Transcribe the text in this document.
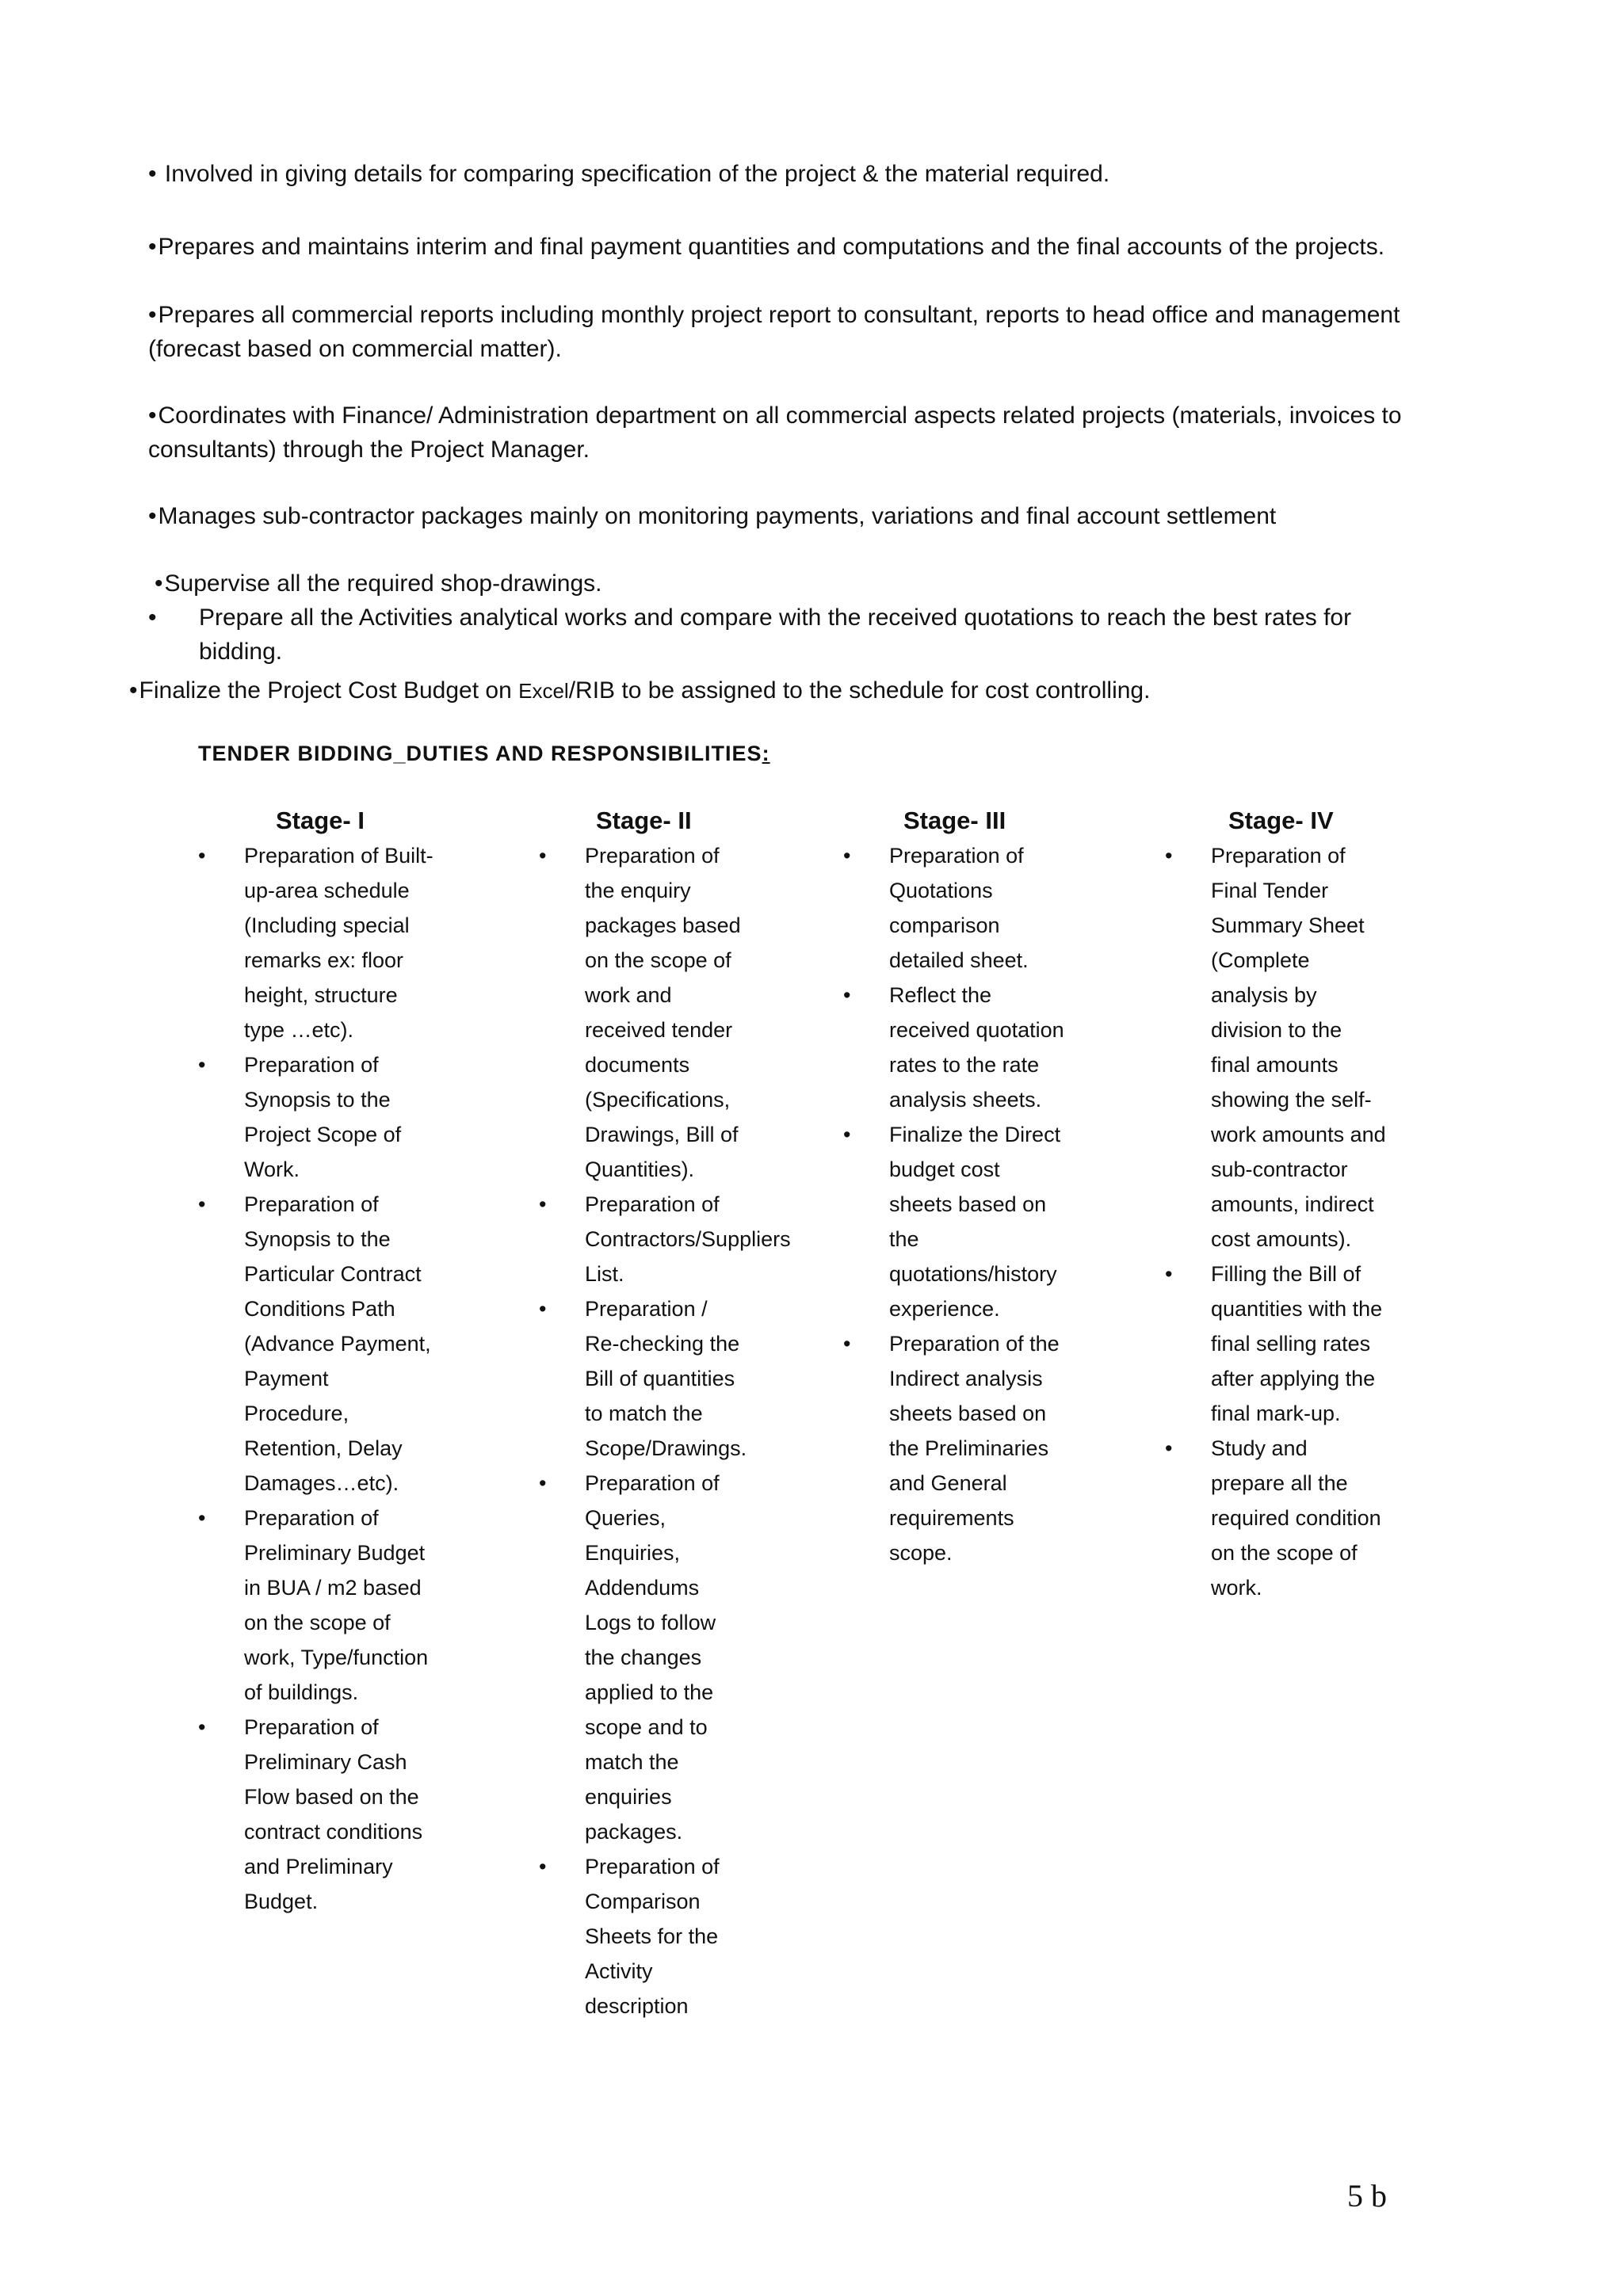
• Involved in giving details for comparing specification of the project & the material required.

•Prepares and maintains interim and final payment quantities and computations and the final accounts of the projects.

•Prepares all commercial reports including monthly project report to consultant, reports to head office and management (forecast based on commercial matter).

•Coordinates with Finance/ Administration department on all commercial aspects related projects (materials, invoices to consultants) through the Project Manager.

•Manages sub-contractor packages mainly on monitoring payments, variations and final account settlement

•Supervise all the required shop-drawings.

•	Prepare all the Activities analytical works and compare with the received quotations to reach the best rates for bidding.

•Finalize the Project Cost Budget on Excel/RIB to be assigned to the schedule for cost controlling.

TENDER BIDDING_DUTIES AND RESPONSIBILITIES:

Stage- I

• Preparation of Built-up-area schedule (Including special remarks ex: floor height, structure type …etc).
• Preparation of Synopsis to the Project Scope of Work.
• Preparation of Synopsis to the Particular Contract Conditions Path (Advance Payment, Payment Procedure, Retention, Delay Damages…etc).
• Preparation of Preliminary Budget in BUA / m2 based on the scope of work, Type/function of buildings.
• Preparation of Preliminary Cash Flow based on the contract conditions and Preliminary Budget.

Stage- II

• Preparation of the enquiry packages based on the scope of work and received tender documents (Specifications, Drawings, Bill of Quantities).
• Preparation of Contractors/Suppliers List.
• Preparation / Re-checking the Bill of quantities to match the Scope/Drawings.
• Preparation of Queries, Enquiries, Addendums Logs to follow the changes applied to the scope and to match the enquiries packages.
• Preparation of Comparison Sheets for the Activity description

Stage- III

• Preparation of Quotations comparison detailed sheet.
• Reflect the received quotation rates to the rate analysis sheets.
• Finalize the Direct budget cost sheets based on the quotations/history experience.
• Preparation of the Indirect analysis sheets based on the Preliminaries and General requirements scope.

Stage- IV

• Preparation of Final Tender Summary Sheet (Complete analysis by division to the final amounts showing the self-work amounts and sub-contractor amounts, indirect cost amounts).
• Filling the Bill of quantities with the final selling rates after applying the final mark-up.
• Study and prepare all the required condition on the scope of work.

5 b
